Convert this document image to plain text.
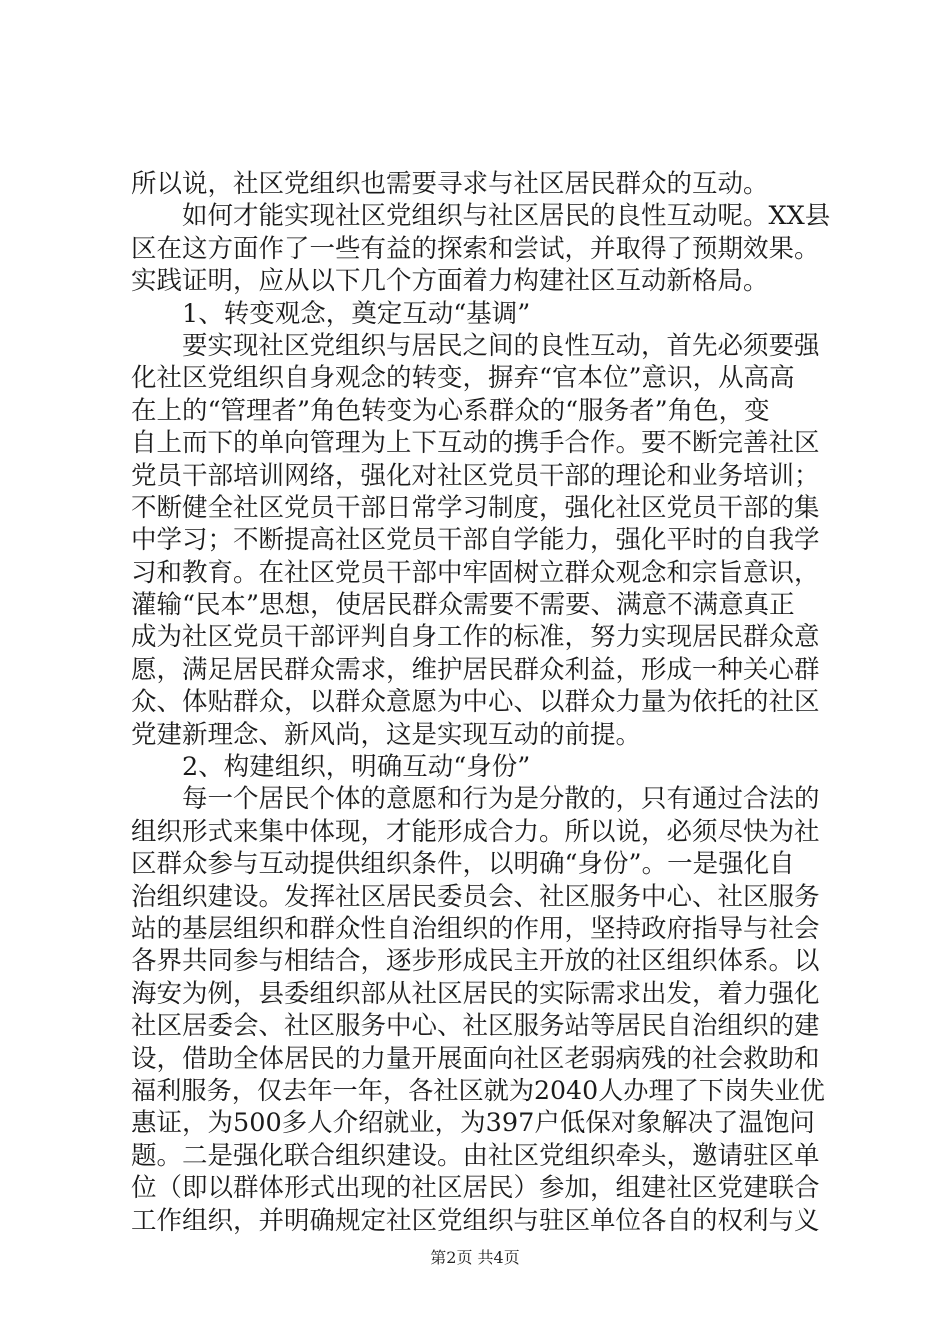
所以说，社区党组织也需要寻求与社区居民群众的互动。
如何才能实现社区党组织与社区居民的良性互动呢。XX县
区在这方面作了一些有益的探索和尝试，并取得了预期效果。
实践证明，应从以下几个方面着力构建社区互动新格局。
1、转变观念，奠定互动“基调”
要实现社区党组织与居民之间的良性互动，首先必须要强
化社区党组织自身观念的转变，摒弃“官本位”意识，从高高
在上的“管理者”角色转变为心系群众的“服务者”角色，变
自上而下的单向管理为上下互动的携手合作。要不断完善社区
党员干部培训网络，强化对社区党员干部的理论和业务培训；
不断健全社区党员干部日常学习制度，强化社区党员干部的集
中学习；不断提高社区党员干部自学能力，强化平时的自我学
习和教育。在社区党员干部中牢固树立群众观念和宗旨意识，
灌输“民本”思想，使居民群众需要不需要、满意不满意真正
成为社区党员干部评判自身工作的标准，努力实现居民群众意
愿，满足居民群众需求，维护居民群众利益，形成一种关心群
众、体贴群众，以群众意愿为中心、以群众力量为依托的社区
党建新理念、新风尚，这是实现互动的前提。
2、构建组织，明确互动“身份”
每一个居民个体的意愿和行为是分散的，只有通过合法的
组织形式来集中体现，才能形成合力。所以说，必须尽快为社
区群众参与互动提供组织条件，以明确“身份”。一是强化自
治组织建设。发挥社区居民委员会、社区服务中心、社区服务
站的基层组织和群众性自治组织的作用，坚持政府指导与社会
各界共同参与相结合，逐步形成民主开放的社区组织体系。以
海安为例，县委组织部从社区居民的实际需求出发，着力强化
社区居委会、社区服务中心、社区服务站等居民自治组织的建
设，借助全体居民的力量开展面向社区老弱病残的社会救助和
福利服务，仅去年一年，各社区就为2040人办理了下岗失业优
惠证，为500多人介绍就业，为397户低保对象解决了温饱问
题。二是强化联合组织建设。由社区党组织牵头，邀请驻区单
位（即以群体形式出现的社区居民）参加，组建社区党建联合
工作组织，并明确规定社区党组织与驻区单位各自的权利与义
第2页 共4页
